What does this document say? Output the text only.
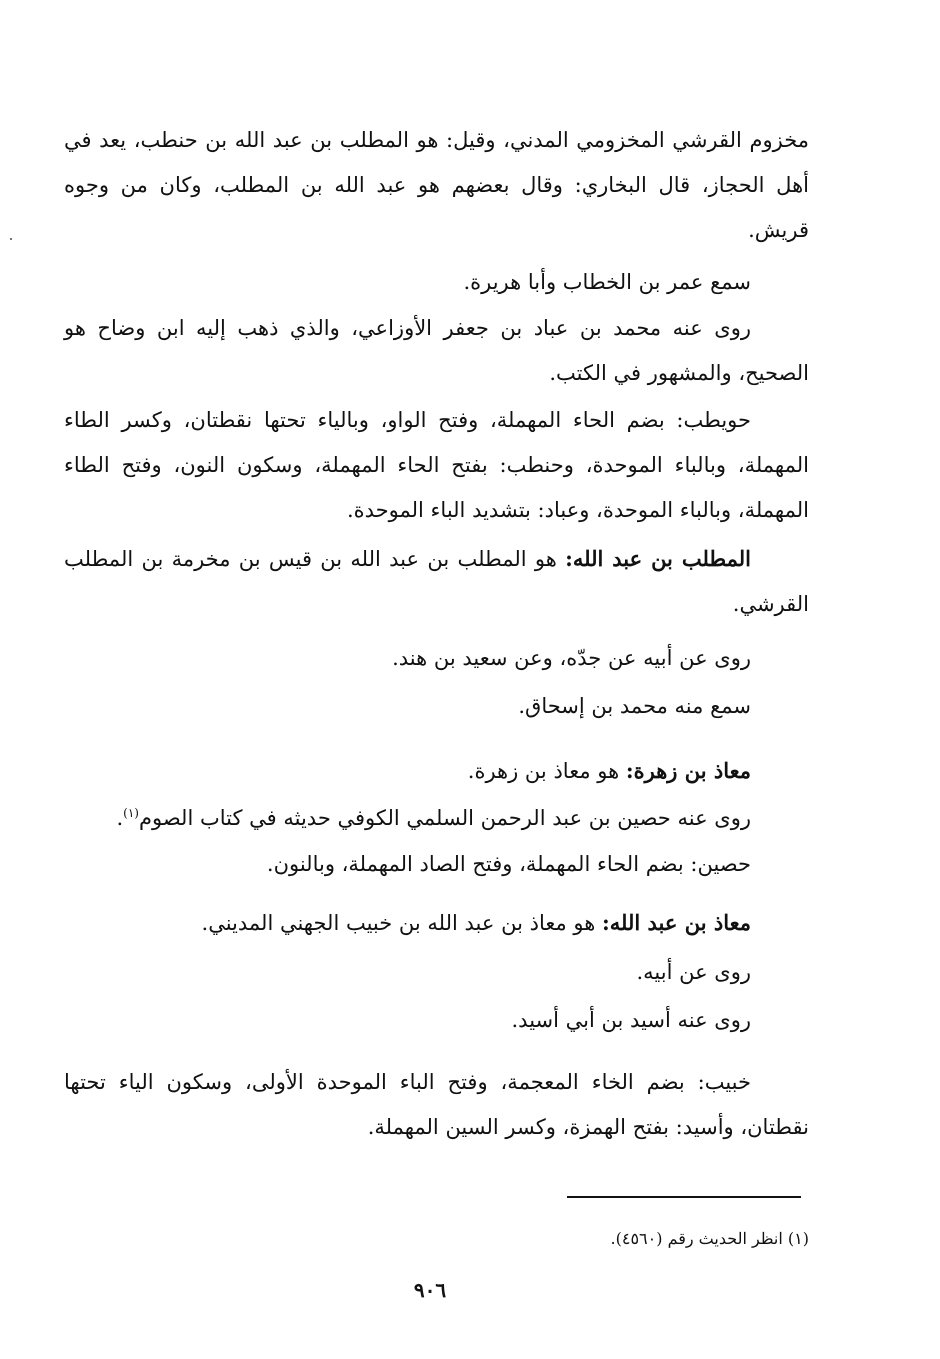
مخزوم القرشي المخزومي المدني، وقيل: هو المطلب بن عبد الله بن حنطب، يعد في أهل الحجاز، قال البخاري: وقال بعضهم هو عبد الله بن المطلب، وكان من وجوه قريش.

سمع عمر بن الخطاب وأبا هريرة.

روى عنه محمد بن عباد بن جعفر الأوزاعي، والذي ذهب إليه ابن وضاح هو الصحيح، والمشهور في الكتب.

حويطب: بضم الحاء المهملة، وفتح الواو، وبالياء تحتها نقطتان، وكسر الطاء المهملة، وبالباء الموحدة، وحنطب: بفتح الحاء المهملة، وسكون النون، وفتح الطاء المهملة، وبالباء الموحدة، وعباد: بتشديد الباء الموحدة.

المطلب بن عبد الله: هو المطلب بن عبد الله بن قيس بن مخرمة بن المطلب القرشي.

روى عن أبيه عن جدّه، وعن سعيد بن هند.

سمع منه محمد بن إسحاق.

معاذ بن زهرة: هو معاذ بن زهرة.

روى عنه حصين بن عبد الرحمن السلمي الكوفي حديثه في كتاب الصوم$^{(١)}$.

حصين: بضم الحاء المهملة، وفتح الصاد المهملة، وبالنون.

معاذ بن عبد الله: هو معاذ بن عبد الله بن خبيب الجهني المديني.

روى عن أبيه.

روى عنه أسيد بن أبي أسيد.

خبيب: بضم الخاء المعجمة، وفتح الباء الموحدة الأولى، وسكون الياء تحتها نقطتان، وأسيد: بفتح الهمزة، وكسر السين المهملة.

(١) انظر الحديث رقم (٤٥٦٠).

٩٠٦
